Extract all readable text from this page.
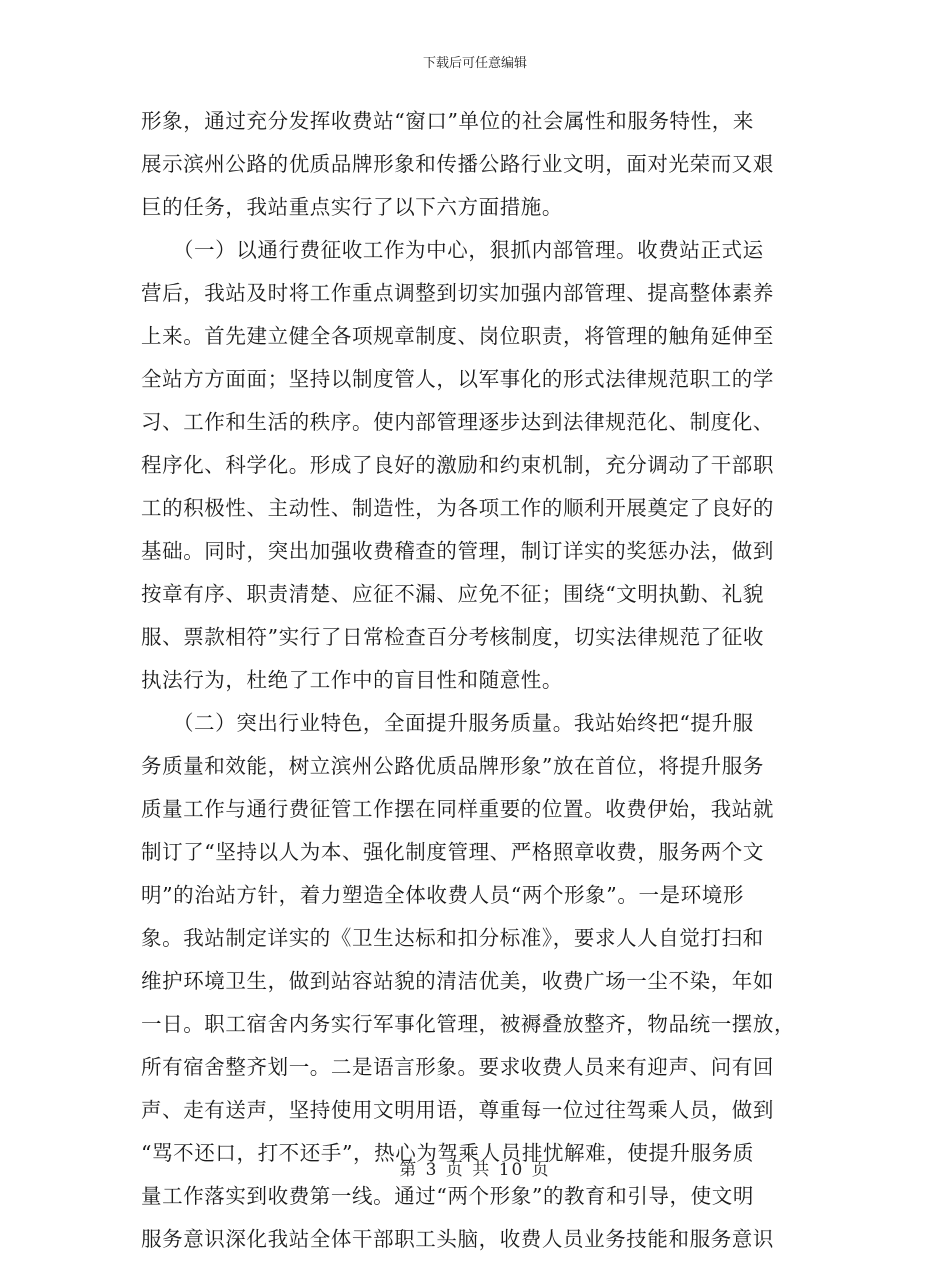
下载后可任意编辑
形象，通过充分发挥收费站“窗口”单位的社会属性和服务特性，来
展示滨州公路的优质品牌形象和传播公路行业文明，面对光荣而又艰
巨的任务，我站重点实行了以下六方面措施。
　　（一）以通行费征收工作为中心，狠抓内部管理。收费站正式运
营后，我站及时将工作重点调整到切实加强内部管理、提高整体素养
上来。首先建立健全各项规章制度、岗位职责，将管理的触角延伸至
全站方方面面；坚持以制度管人，以军事化的形式法律规范职工的学
习、工作和生活的秩序。使内部管理逐步达到法律规范化、制度化、
程序化、科学化。形成了良好的激励和约束机制，充分调动了干部职
工的积极性、主动性、制造性，为各项工作的顺利开展奠定了良好的
基础。同时，突出加强收费稽查的管理，制订详实的奖惩办法，做到
按章有序、职责清楚、应征不漏、应免不征；围绕“文明执勤、礼貌
服、票款相符”实行了日常检查百分考核制度，切实法律规范了征收
执法行为，杜绝了工作中的盲目性和随意性。
　　（二）突出行业特色，全面提升服务质量。我站始终把“提升服
务质量和效能，树立滨州公路优质品牌形象”放在首位，将提升服务
质量工作与通行费征管工作摆在同样重要的位置。收费伊始，我站就
制订了“坚持以人为本、强化制度管理、严格照章收费，服务两个文
明”的治站方针，着力塑造全体收费人员“两个形象”。一是环境形
象。我站制定详实的《卫生达标和扣分标准》，要求人人自觉打扫和
维护环境卫生，做到站容站貌的清洁优美，收费广场一尘不染，年如
一日。职工宿舍内务实行军事化管理，被褥叠放整齐，物品统一摆放，
所有宿舍整齐划一。二是语言形象。要求收费人员来有迎声、问有回
声、走有送声，坚持使用文明用语，尊重每一位过往驾乘人员，做到
“骂不还口，打不还手”，热心为驾乘人员排忧解难，使提升服务质
量工作落实到收费第一线。通过“两个形象”的教育和引导，使文明
服务意识深化我站全体干部职工头脑，收费人员业务技能和服务意识
第 3 页 共 10 页
